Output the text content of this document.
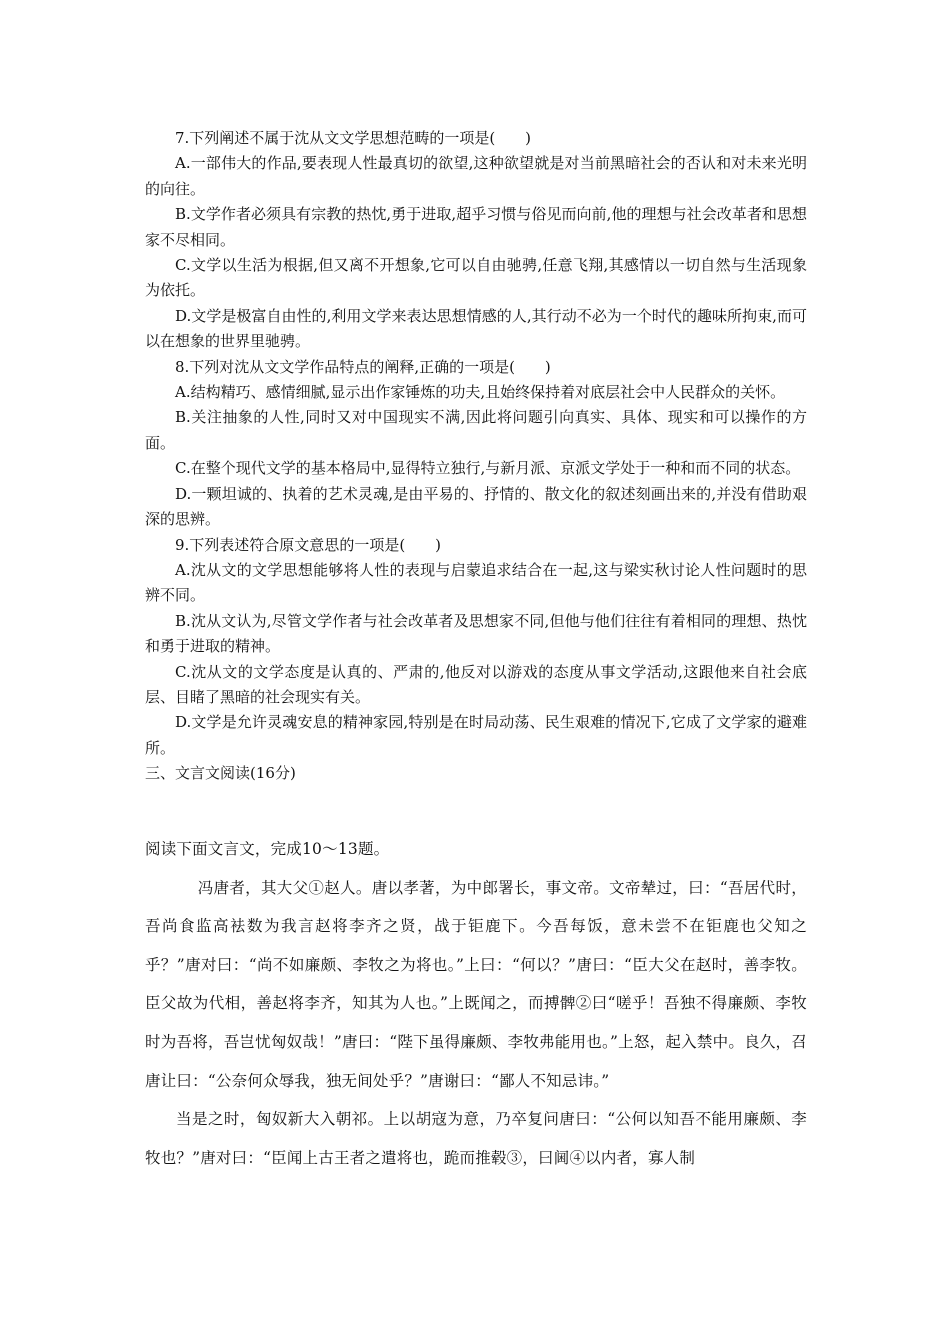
7.下列阐述不属于沈从文文学思想范畴的一项是(　　)

A.一部伟大的作品,要表现人性最真切的欲望,这种欲望就是对当前黑暗社会的否认和对未来光明的向往。

B.文学作者必须具有宗教的热忱,勇于进取,超乎习惯与俗见而向前,他的理想与社会改革者和思想家不尽相同。

C.文学以生活为根据,但又离不开想象,它可以自由驰骋,任意飞翔,其感情以一切自然与生活现象为依托。

D.文学是极富自由性的,利用文学来表达思想情感的人,其行动不必为一个时代的趣味所拘束,而可以在想象的世界里驰骋。

8.下列对沈从文文学作品特点的阐释,正确的一项是(　　)

A.结构精巧、感情细腻,显示出作家锤炼的功夫,且始终保持着对底层社会中人民群众的关怀。

B.关注抽象的人性,同时又对中国现实不满,因此将问题引向真实、具体、现实和可以操作的方面。

C.在整个现代文学的基本格局中,显得特立独行,与新月派、京派文学处于一种和而不同的状态。

D.一颗坦诚的、执着的艺术灵魂,是由平易的、抒情的、散文化的叙述刻画出来的,并没有借助艰深的思辨。

9.下列表述符合原文意思的一项是(　　)

A.沈从文的文学思想能够将人性的表现与启蒙追求结合在一起,这与梁实秋讨论人性问题时的思辨不同。

B.沈从文认为,尽管文学作者与社会改革者及思想家不同,但他与他们往往有着相同的理想、热忱和勇于进取的精神。

C.沈从文的文学态度是认真的、严肃的,他反对以游戏的态度从事文学活动,这跟他来自社会底层、目睹了黑暗的社会现实有关。

D.文学是允许灵魂安息的精神家园,特别是在时局动荡、民生艰难的情况下,它成了文学家的避难所。

三、文言文阅读(16分)

阅读下面文言文，完成10～13题。

冯唐者，其大父①赵人。唐以孝著，为中郎署长，事文帝。文帝辇过，曰：“吾居代时，吾尚食监高袪数为我言赵将李齐之贤，战于钜鹿下。今吾每饭，意未尝不在钜鹿也父知之乎？”唐对曰：“尚不如廉颇、李牧之为将也。”上曰：“何以？”唐曰：“臣大父在赵时，善李牧。臣父故为代相，善赵将李齐，知其为人也。”上既闻之，而搏髀②曰“嗟乎！吾独不得廉颇、李牧时为吾将，吾岂忧匈奴哉！”唐曰：“陛下虽得廉颇、李牧弗能用也。”上怒，起入禁中。良久，召唐让曰：“公奈何众辱我，独无间处乎？”唐谢曰：“鄙人不知忌讳。”

当是之时，匈奴新大入朝祁。上以胡寇为意，乃卒复问唐曰：“公何以知吾不能用廉颇、李牧也？”唐对曰：“臣闻上古王者之遣将也，跪而推毂③，曰阃④以内者，寡人制
